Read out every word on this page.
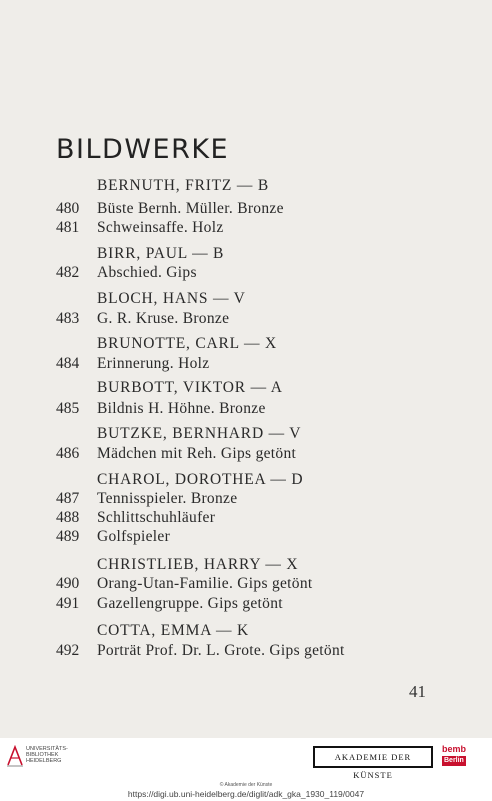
BILDWERKE
BERNUTH, FRITZ — B
480 Büste Bernh. Müller. Bronze
481 Schweinsaffe. Holz
BIRR, PAUL — B
482 Abschied. Gips
BLOCH, HANS — V
483 G. R. Kruse. Bronze
BRUNOTTE, CARL — X
484 Erinnerung. Holz
BURBOTT, VIKTOR — A
485 Bildnis H. Höhne. Bronze
BUTZKE, BERNHARD — V
486 Mädchen mit Reh. Gips getönt
CHAROL, DOROTHEA — D
487 Tennisspieler. Bronze
488 Schlittschuhläufer
489 Golfspieler
CHRISTLIEB, HARRY — X
490 Orang-Utan-Familie. Gips getönt
491 Gazellengruppe. Gips getönt
COTTA, EMMA — K
492 Porträt Prof. Dr. L. Grote. Gips getönt
41
UNIVERSITÄTS-
BIBLIOTHEK
HEIDELBERG	AKADEMIE DER KÜNSTE
bemb
Berlin
© Akademie der Künste
https://digi.ub.uni-heidelberg.de/diglit/adk_gka_1930_119/0047
